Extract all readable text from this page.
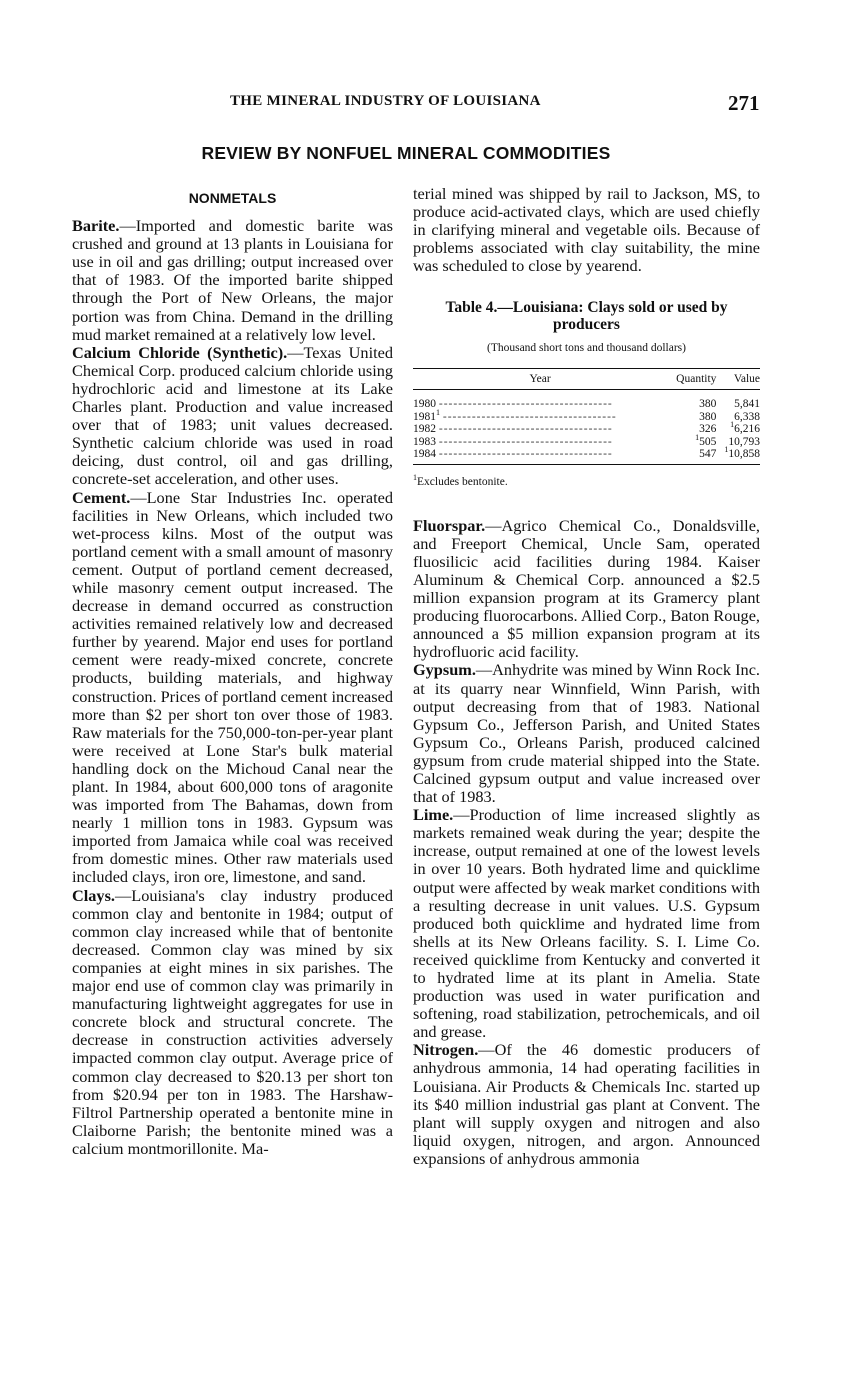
THE MINERAL INDUSTRY OF LOUISIANA	271
REVIEW BY NONFUEL MINERAL COMMODITIES
NONMETALS

Barite.—Imported and domestic barite was crushed and ground at 13 plants in Louisiana for use in oil and gas drilling; output increased over that of 1983. Of the imported barite shipped through the Port of New Orleans, the major portion was from China. Demand in the drilling mud market remained at a relatively low level.

Calcium Chloride (Synthetic).—Texas United Chemical Corp. produced calcium chloride using hydrochloric acid and limestone at its Lake Charles plant. Production and value increased over that of 1983; unit values decreased. Synthetic calcium chloride was used in road deicing, dust control, oil and gas drilling, concrete-set acceleration, and other uses.

Cement.—Lone Star Industries Inc. operated facilities in New Orleans, which included two wet-process kilns. Most of the output was portland cement with a small amount of masonry cement. Output of portland cement decreased, while masonry cement output increased. The decrease in demand occurred as construction activities remained relatively low and decreased further by yearend. Major end uses for portland cement were ready-mixed concrete, concrete products, building materials, and highway construction. Prices of portland cement increased more than $2 per short ton over those of 1983. Raw materials for the 750,000-ton-per-year plant were received at Lone Star's bulk material handling dock on the Michoud Canal near the plant. In 1984, about 600,000 tons of aragonite was imported from The Bahamas, down from nearly 1 million tons in 1983. Gypsum was imported from Jamaica while coal was received from domestic mines. Other raw materials used included clays, iron ore, limestone, and sand.

Clays.—Louisiana's clay industry produced common clay and bentonite in 1984; output of common clay increased while that of bentonite decreased. Common clay was mined by six companies at eight mines in six parishes. The major end use of common clay was primarily in manufacturing lightweight aggregates for use in concrete block and structural concrete. The decrease in construction activities adversely impacted common clay output. Average price of common clay decreased to $20.13 per short ton from $20.94 per ton in 1983. The Harshaw-Filtrol Partnership operated a bentonite mine in Claiborne Parish; the bentonite mined was a calcium montmorillonite. Ma-

terial mined was shipped by rail to Jackson, MS, to produce acid-activated clays, which are used chiefly in clarifying mineral and vegetable oils. Because of problems associated with clay suitability, the mine was scheduled to close by yearend.

Table 4.—Louisiana: Clays sold or used by producers
(Thousand short tons and thousand dollars)
Year	Quantity	Value
1980 ------------------------------------	380	5,841
1981$^1$ ------------------------------------	380	6,338
1982 ------------------------------------	326	$^1$6,216
1983 ------------------------------------	$^1$505	10,793
1984 ------------------------------------	547	$^1$10,858
$^1$Excludes bentonite.

Fluorspar.—Agrico Chemical Co., Donaldsville, and Freeport Chemical, Uncle Sam, operated fluosilicic acid facilities during 1984. Kaiser Aluminum & Chemical Corp. announced a $2.5 million expansion program at its Gramercy plant producing fluorocarbons. Allied Corp., Baton Rouge, announced a $5 million expansion program at its hydrofluoric acid facility.

Gypsum.—Anhydrite was mined by Winn Rock Inc. at its quarry near Winnfield, Winn Parish, with output decreasing from that of 1983. National Gypsum Co., Jefferson Parish, and United States Gypsum Co., Orleans Parish, produced calcined gypsum from crude material shipped into the State. Calcined gypsum output and value increased over that of 1983.

Lime.—Production of lime increased slightly as markets remained weak during the year; despite the increase, output remained at one of the lowest levels in over 10 years. Both hydrated lime and quicklime output were affected by weak market conditions with a resulting decrease in unit values. U.S. Gypsum produced both quicklime and hydrated lime from shells at its New Orleans facility. S. I. Lime Co. received quicklime from Kentucky and converted it to hydrated lime at its plant in Amelia. State production was used in water purification and softening, road stabilization, petrochemicals, and oil and grease.

Nitrogen.—Of the 46 domestic producers of anhydrous ammonia, 14 had operating facilities in Louisiana. Air Products & Chemicals Inc. started up its $40 million industrial gas plant at Convent. The plant will supply oxygen and nitrogen and also liquid oxygen, nitrogen, and argon. Announced expansions of anhydrous ammonia
